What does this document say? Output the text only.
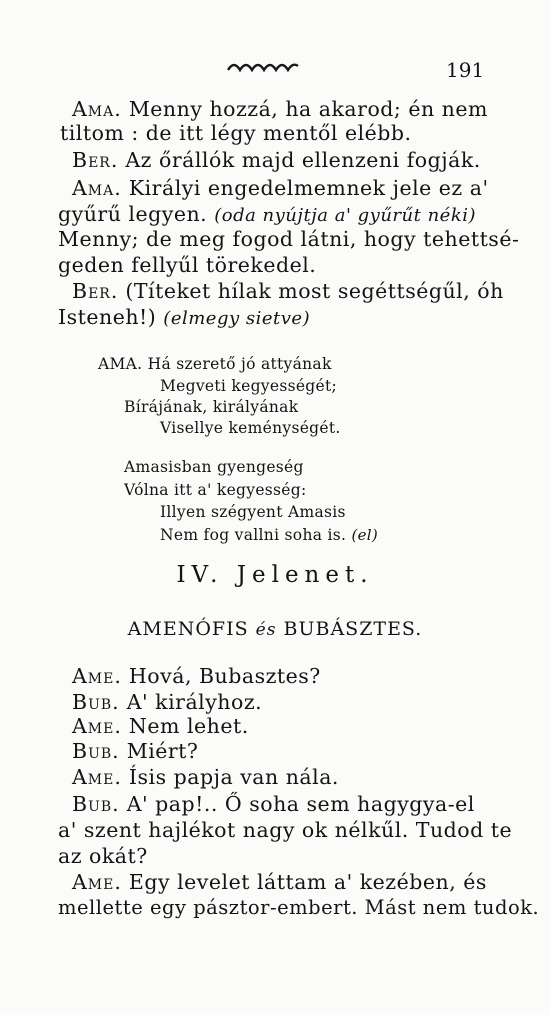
191
Ama. Menny hozzá, ha akarod; én nem
tiltom : de itt légy mentől elébb.
Ber. Az őrállók majd ellenzeni fogják.
Ama. Királyi engedelmemnek jele ez a'
gyűrű legyen. (oda nyújtja a' gyűrűt néki)
Menny; de meg fogod látni, hogy tehettsé-
geden fellyűl törekedel.
Ber. (Títeket hílak most segéttségűl, óh
Isteneh!) (elmegy sietve)
AMA. Há szerető jó attyának
Megveti kegyességét;
Bírájának, királyának
Visellye keménységét.
Amasisban gyengeség
Vólna itt a' kegyesség:
Illyen szégyent Amasis
Nem fog vallni soha is. (el)
IV. Jelenet.
AMENÓFIS és BUBÁSZTES.
Ame. Hová, Bubasztes?
Bub. A' királyhoz.
Ame. Nem lehet.
Bub. Miért?
Ame. Ísis papja van nála.
Bub. A' pap!.. Ő soha sem hagygya-el
a' szent hajlékot nagy ok nélkűl. Tudod te
az okát?
Ame. Egy levelet láttam a' kezében, és
mellette egy pásztor-embert. Mást nem tudok.
